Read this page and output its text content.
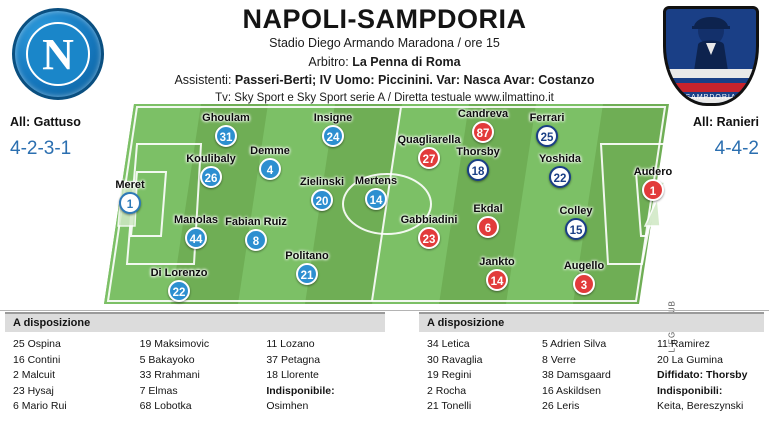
NAPOLI-SAMPDORIA
Stadio Diego Armando Maradona / ore 15
Arbitro: La Penna di Roma
Assistenti: Passeri-Berti; IV Uomo: Piccinini. Var: Nasca Avar: Costanzo
Tv: Sky Sport e Sky Sport serie A / Diretta testuale www.ilmattino.it
N
SAMPDORIA
All: Gattuso
4-2-3-1
All: Ranieri
4-4-2
Meret
1
Di Lorenzo
22
Manolas
44
Koulibaly
26
Ghoulam
31
Fabian Ruiz
8
Demme
4
Politano
21
Zielinski
20
Insigne
24
Mertens
14
Audero
1
Augello
3
Colley
15
Yoshida
22
Ferrari
25
Jankto
14
Ekdal
6
Thorsby
18
Candreva
87
Gabbiadini
23
Quagliarella
27
A disposizione
25 Ospina
16 Contini
2 Malcuit
23 Hysaj
6 Mario Rui
19 Maksimovic
5 Bakayoko
33 Rrahmani
7 Elmas
68 Lobotka
11 Lozano
37 Petagna
18 Llorente
Indisponibile:
Osimhen
A disposizione
34 Letica
30 Ravaglia
19 Regini
2 Rocha
21 Tonelli
5 Adrien Silva
8 Verre
38 Damsgaard
16 Askildsen
26 Leris
11 Ramirez
20 La Gumina
Diffidato: Thorsby
Indisponibili:
Keita, Bereszynski
